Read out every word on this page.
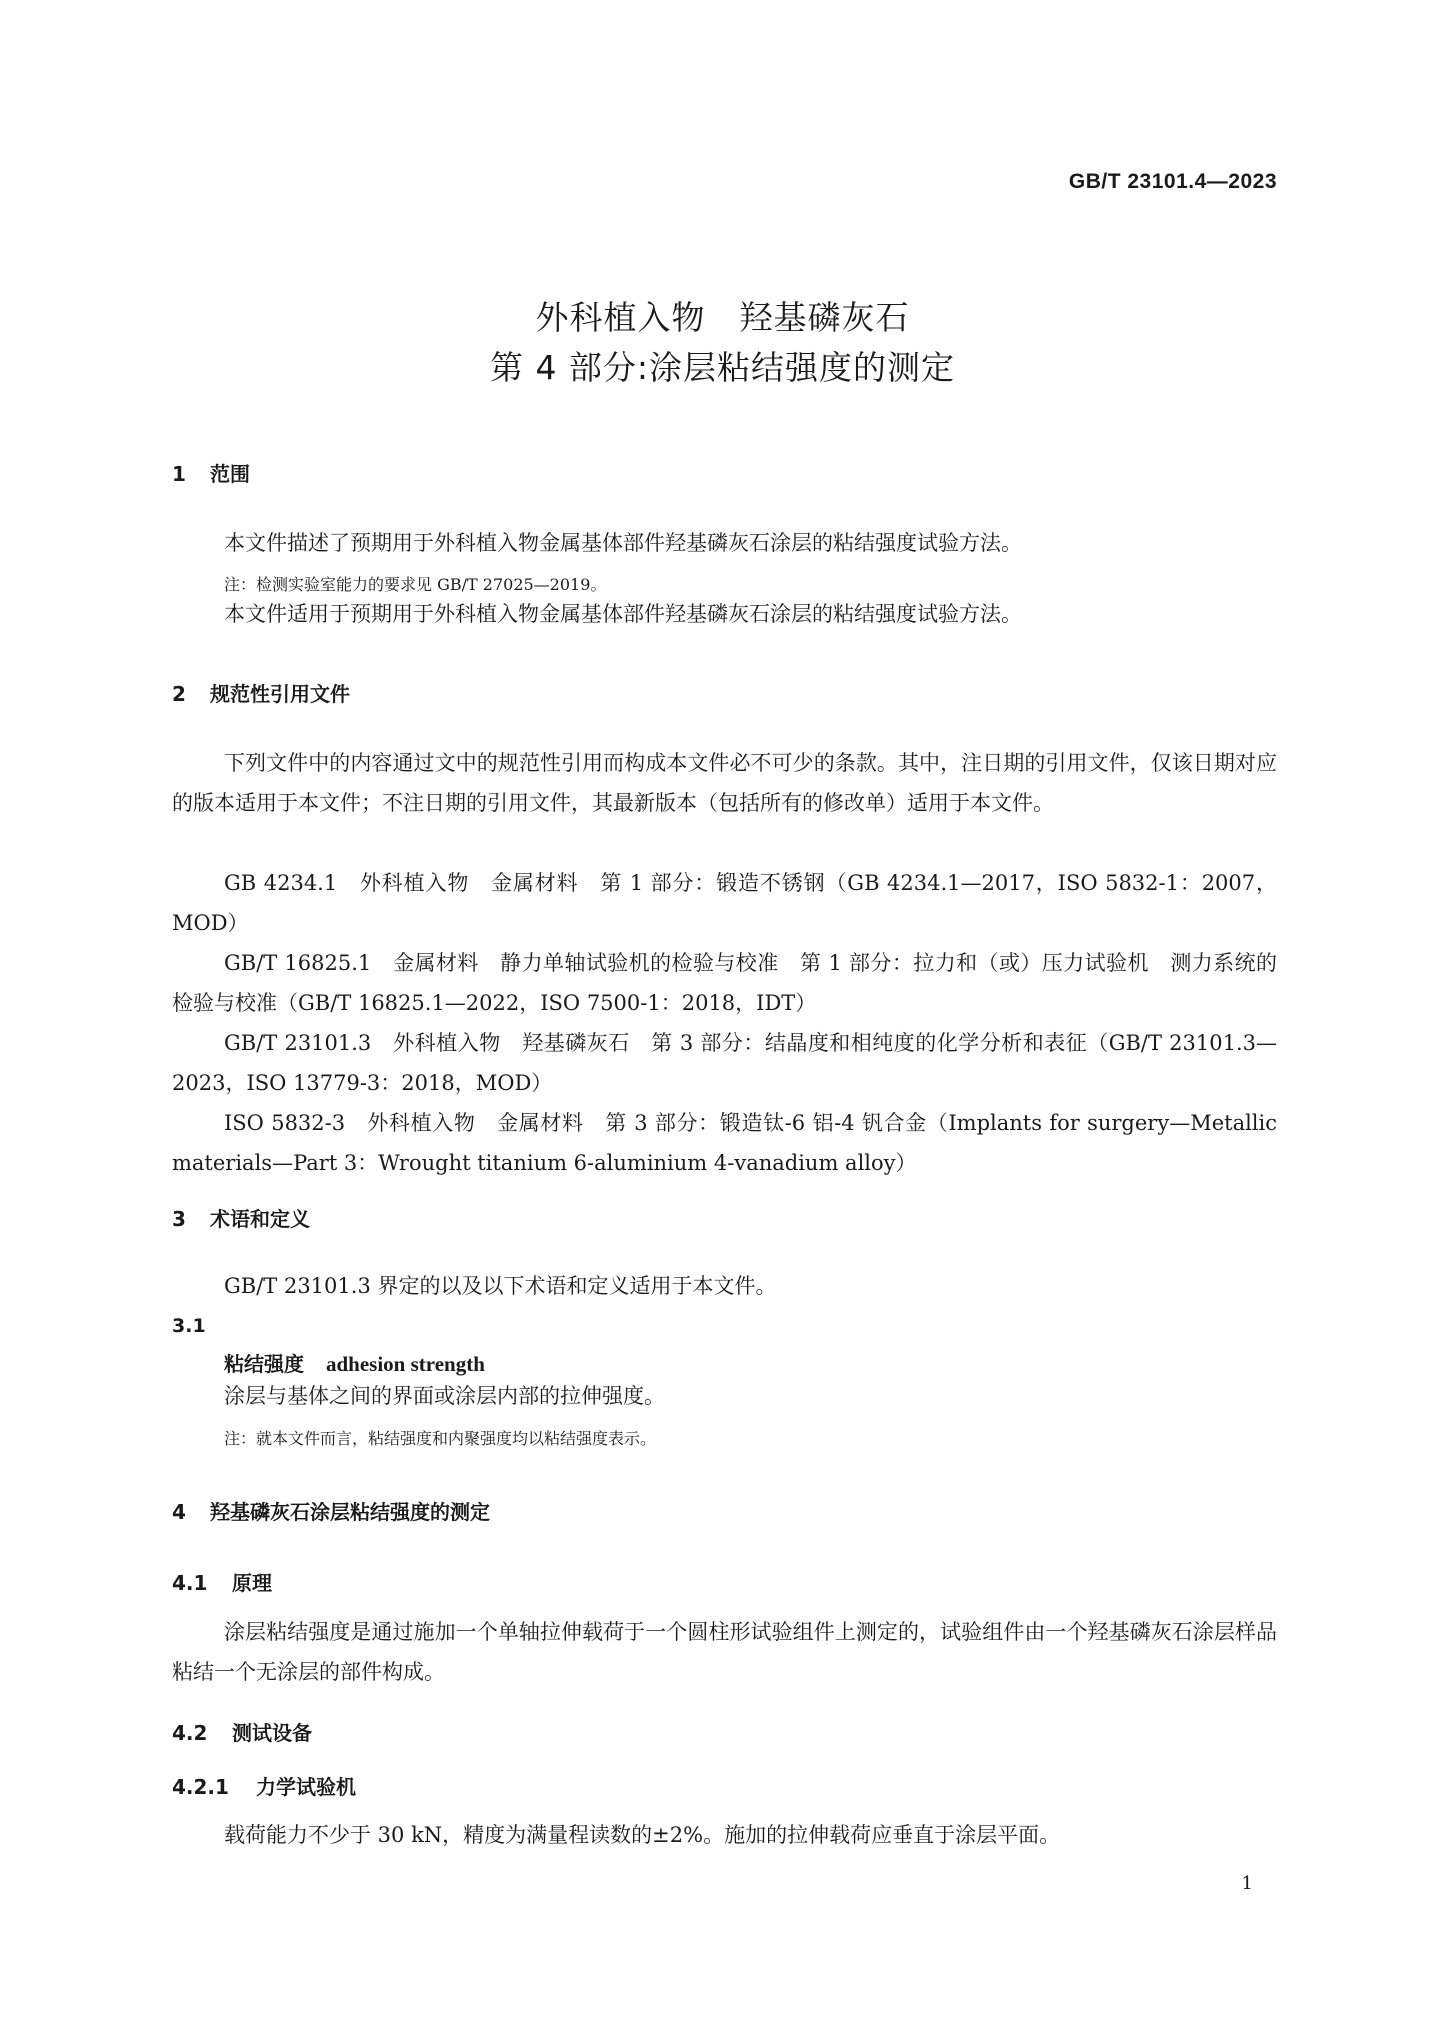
GB/T 23101.4—2023
外科植入物　羟基磷灰石
第 4 部分:涂层粘结强度的测定
1 范围
本文件描述了预期用于外科植入物金属基体部件羟基磷灰石涂层的粘结强度试验方法。
注：检测实验室能力的要求见 GB/T 27025—2019。
本文件适用于预期用于外科植入物金属基体部件羟基磷灰石涂层的粘结强度试验方法。
2 规范性引用文件
下列文件中的内容通过文中的规范性引用而构成本文件必不可少的条款。其中，注日期的引用文件，仅该日期对应的版本适用于本文件；不注日期的引用文件，其最新版本（包括所有的修改单）适用于本文件。
GB 4234.1　外科植入物　金属材料　第 1 部分：锻造不锈钢（GB 4234.1—2017，ISO 5832-1：2007，MOD）
GB/T 16825.1　金属材料　静力单轴试验机的检验与校准　第 1 部分：拉力和（或）压力试验机　测力系统的检验与校准（GB/T 16825.1—2022，ISO 7500-1：2018，IDT）
GB/T 23101.3　外科植入物　羟基磷灰石　第 3 部分：结晶度和相纯度的化学分析和表征（GB/T 23101.3—2023，ISO 13779-3：2018，MOD）
ISO 5832-3　外科植入物　金属材料　第 3 部分：锻造钛-6 铝-4 钒合金（Implants for surgery—Metallic materials—Part 3：Wrought titanium 6-aluminium 4-vanadium alloy）
3 术语和定义
GB/T 23101.3 界定的以及以下术语和定义适用于本文件。
3.1
粘结强度 adhesion strength
涂层与基体之间的界面或涂层内部的拉伸强度。
注：就本文件而言，粘结强度和内聚强度均以粘结强度表示。
4 羟基磷灰石涂层粘结强度的测定
4.1 原理
涂层粘结强度是通过施加一个单轴拉伸载荷于一个圆柱形试验组件上测定的，试验组件由一个羟基磷灰石涂层样品粘结一个无涂层的部件构成。
4.2 测试设备
4.2.1 力学试验机
载荷能力不少于 30 kN，精度为满量程读数的±2%。施加的拉伸载荷应垂直于涂层平面。
1
